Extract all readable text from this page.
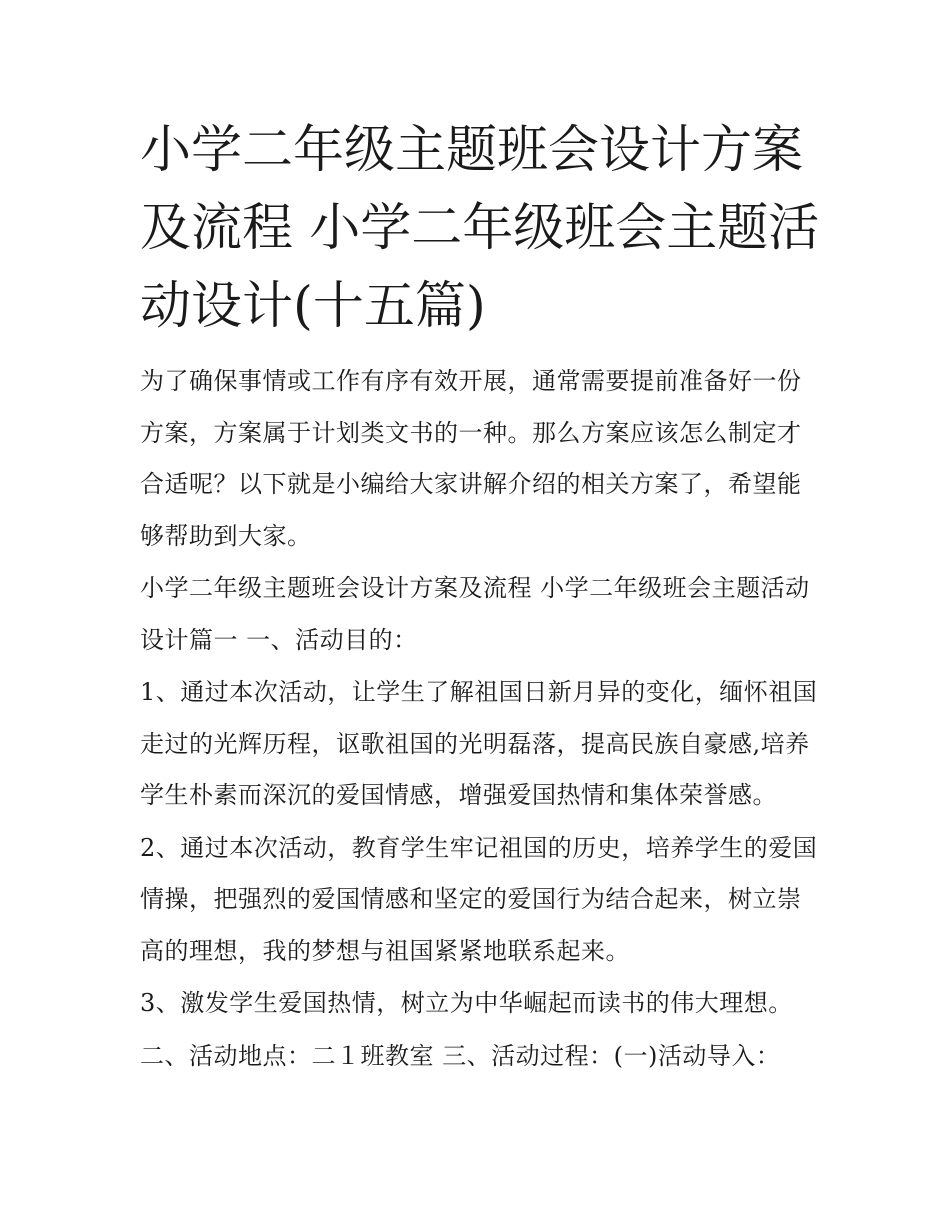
小学二年级主题班会设计方案及流程 小学二年级班会主题活动设计(十五篇)

为了确保事情或工作有序有效开展，通常需要提前准备好一份方案，方案属于计划类文书的一种。那么方案应该怎么制定才合适呢？以下就是小编给大家讲解介绍的相关方案了，希望能够帮助到大家。

小学二年级主题班会设计方案及流程 小学二年级班会主题活动设计篇一 一、活动目的：

1、通过本次活动，让学生了解祖国日新月异的变化，缅怀祖国走过的光辉历程，讴歌祖国的光明磊落，提高民族自豪感,培养学生朴素而深沉的爱国情感，增强爱国热情和集体荣誉感。

2、通过本次活动，教育学生牢记祖国的历史，培养学生的爱国情操，把强烈的爱国情感和坚定的爱国行为结合起来，树立崇高的理想，我的梦想与祖国紧紧地联系起来。

3、激发学生爱国热情，树立为中华崛起而读书的伟大理想。

二、活动地点：二１班教室 三、活动过程：(一)活动导入：
